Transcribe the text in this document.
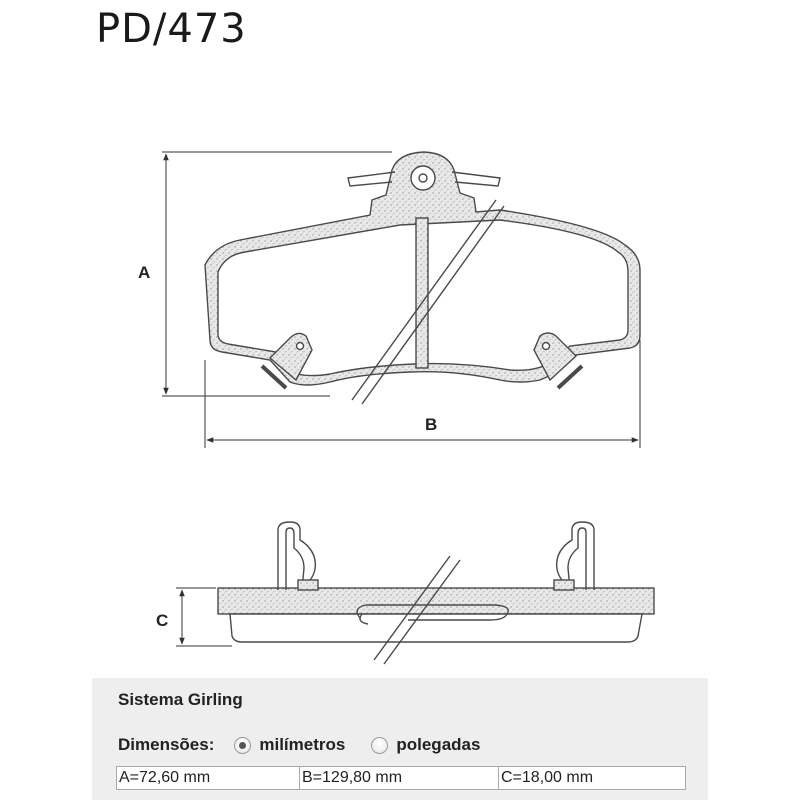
PD/473
A
B
C
Sistema Girling
Dimensões:	milímetros	polegadas
A=72,60 mm	B=129,80 mm	C=18,00 mm
